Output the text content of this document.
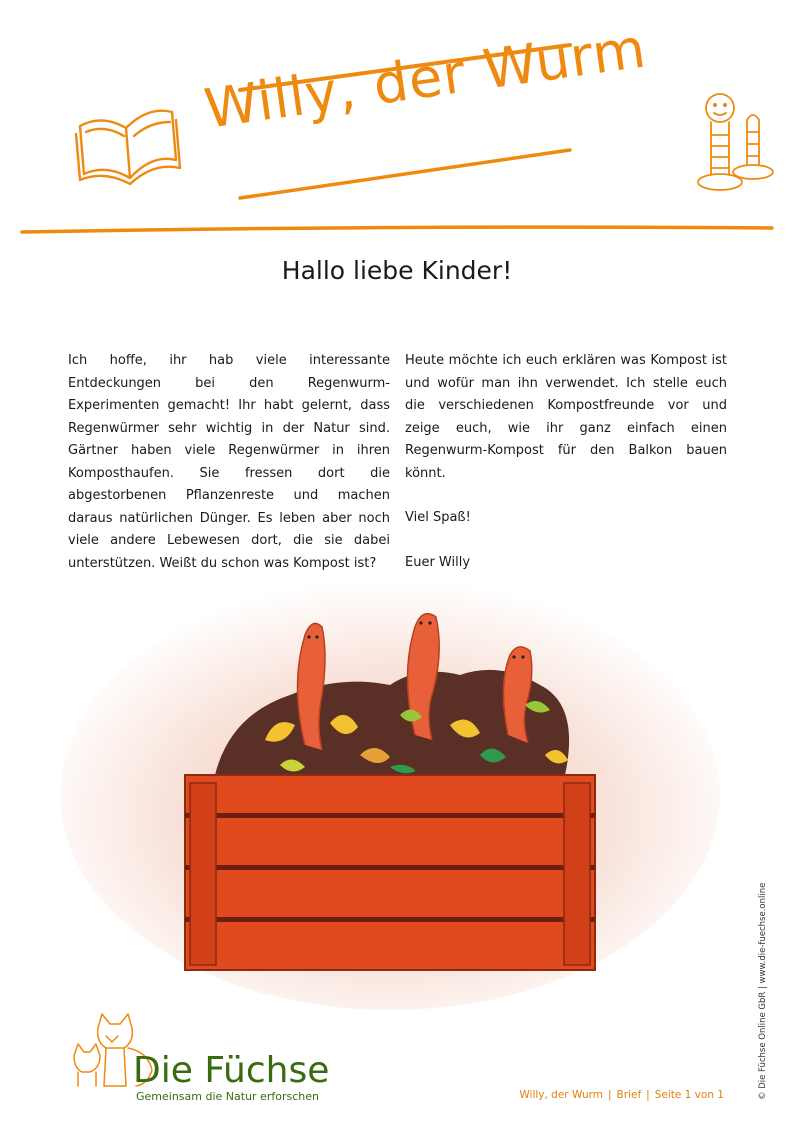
Willy, der Wurm
Hallo liebe Kinder!

Ich hoffe, ihr hab viele interessante Entdeckungen bei den Regenwurm-Experimenten gemacht! Ihr habt gelernt, dass Regenwürmer sehr wichtig in der Natur sind. Gärtner haben viele Regenwürmer in ihren Komposthaufen. Sie fressen dort die abgestorbenen Pflanzenreste und machen daraus natürlichen Dünger. Es leben aber noch viele andere Lebewesen dort, die sie dabei unterstützen. Weißt du schon was Kompost ist?

Heute möchte ich euch erklären was Kompost ist und wofür man ihn verwendet. Ich stelle euch die verschiedenen Kompostfreunde vor und zeige euch, wie ihr ganz einfach einen Regenwurm-Kompost für den Balkon bauen könnt.

Viel Spaß!

Euer Willy

Die Füchse
Gemeinsam die Natur erforschen	Willy, der Wurm | Brief | Seite 1 von 1	© Die Füchse Online GbR | www.die-fuechse.online
